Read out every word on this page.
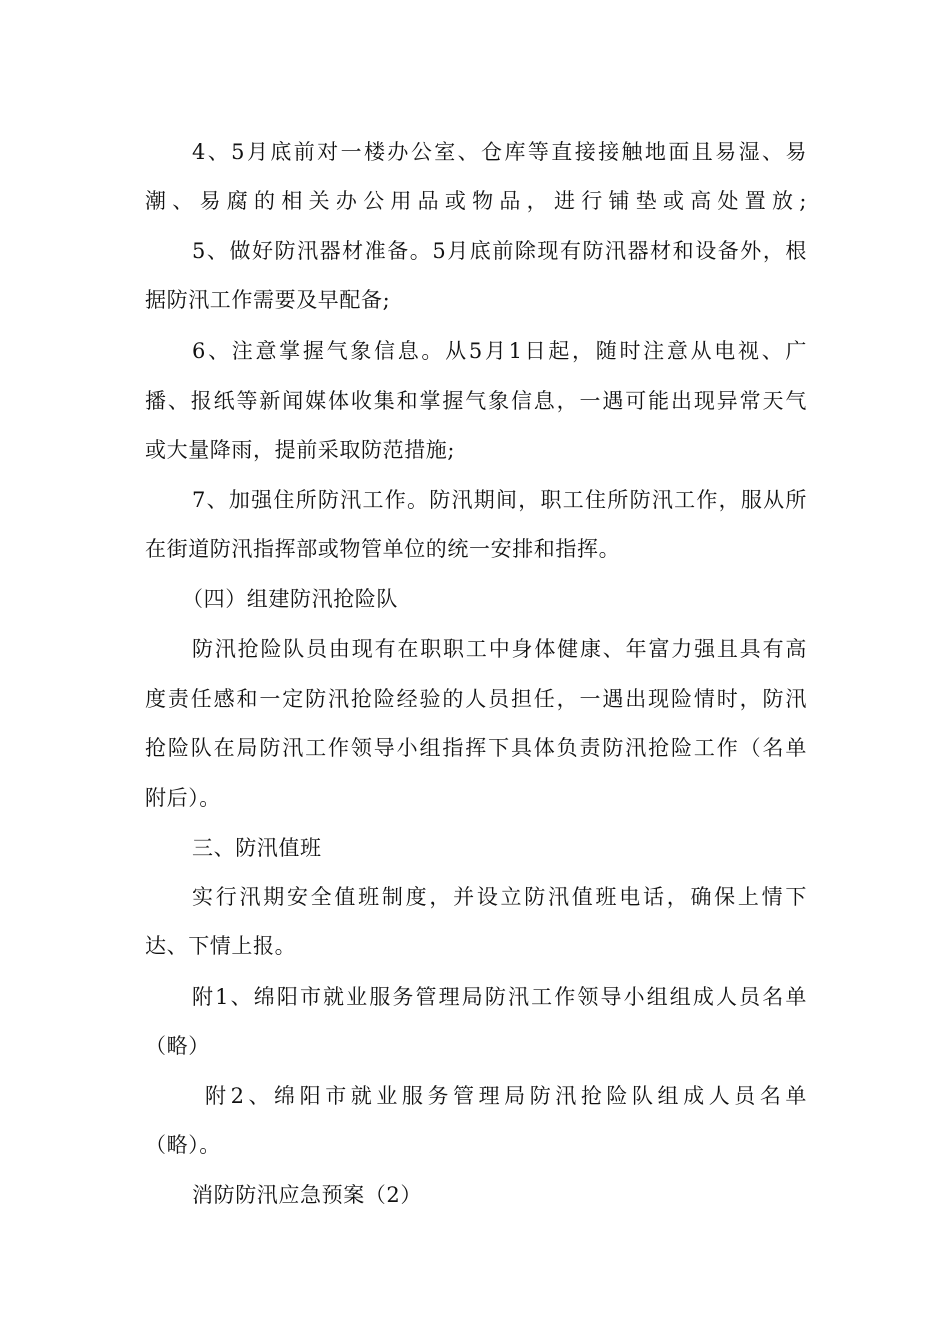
4、5月底前对一楼办公室、仓库等直接接触地面且易湿、易
潮、易腐的相关办公用品或物品，进行铺垫或高处置放;
5、做好防汛器材准备。5月底前除现有防汛器材和设备外，根
据防汛工作需要及早配备;
6、注意掌握气象信息。从5月1日起，随时注意从电视、广
播、报纸等新闻媒体收集和掌握气象信息，一遇可能出现异常天气
或大量降雨，提前采取防范措施;
7、加强住所防汛工作。防汛期间，职工住所防汛工作，服从所
在街道防汛指挥部或物管单位的统一安排和指挥。
（四）组建防汛抢险队
防汛抢险队员由现有在职职工中身体健康、年富力强且具有高
度责任感和一定防汛抢险经验的人员担任，一遇出现险情时，防汛
抢险队在局防汛工作领导小组指挥下具体负责防汛抢险工作（名单
附后）。
三、防汛值班
实行汛期安全值班制度，并设立防汛值班电话，确保上情下
达、下情上报。
附1、绵阳市就业服务管理局防汛工作领导小组组成人员名单
（略）
附2、绵阳市就业服务管理局防汛抢险队组成人员名单
（略）。
消防防汛应急预案（2）
